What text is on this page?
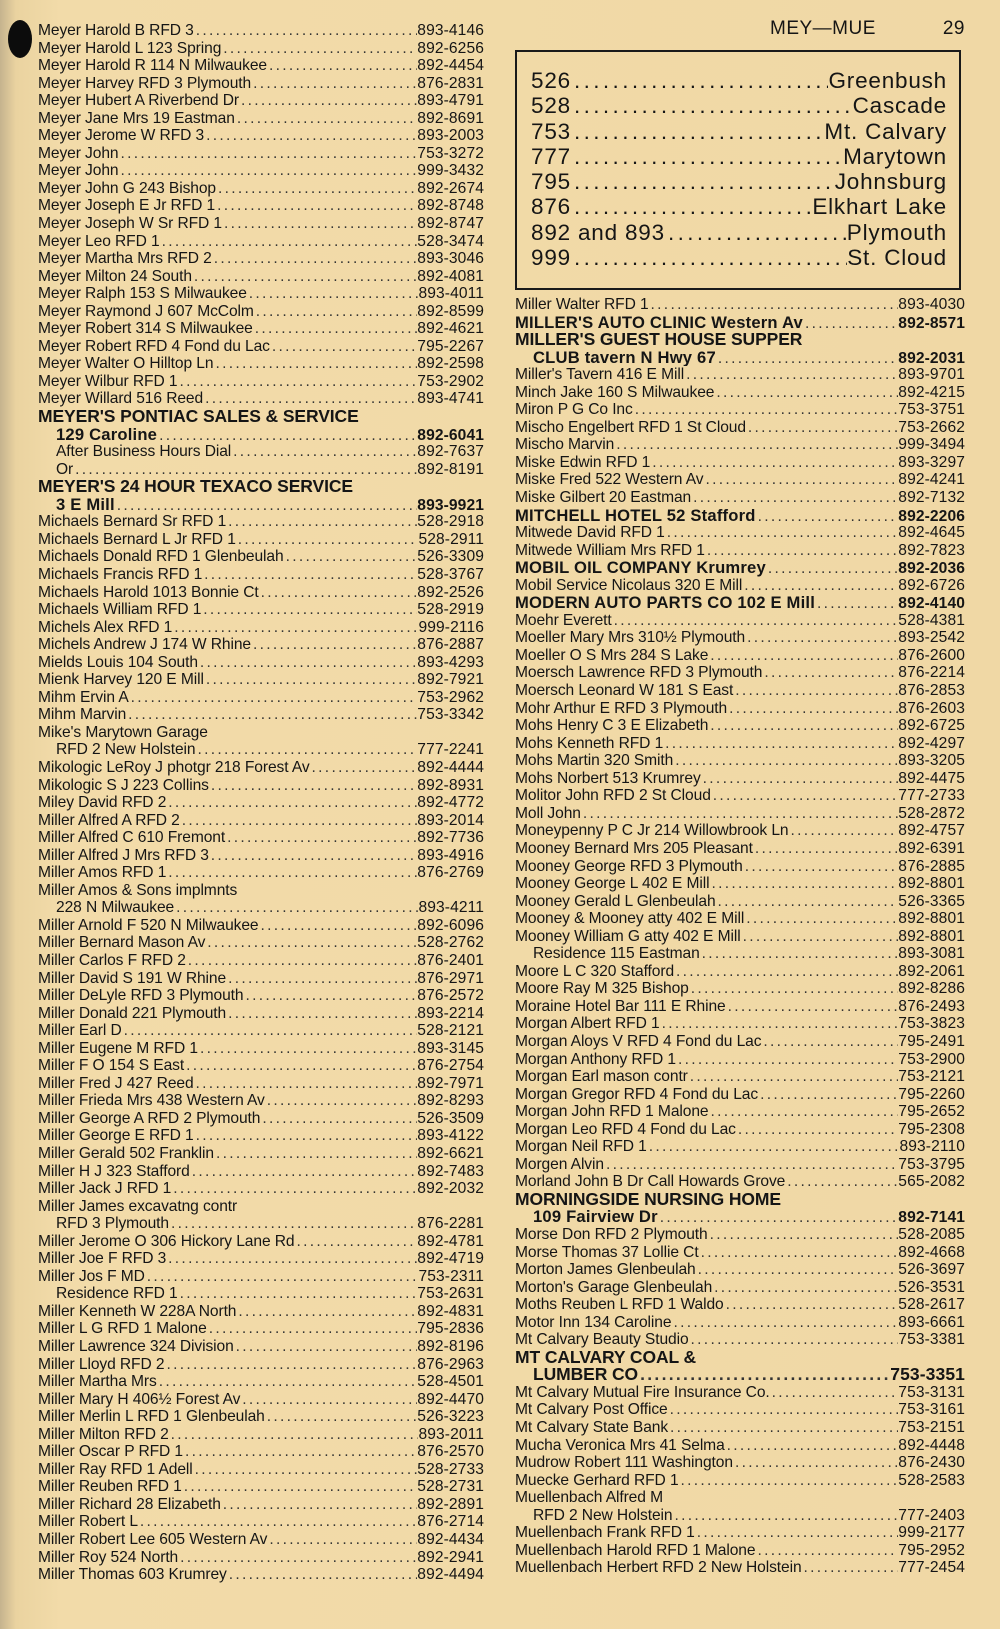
MEY—MUE	29
526 .....	Greenbush
528 .....	Cascade
753 .....	Mt. Calvary
777 .....	Marytown
795 .....	Johnsburg
876 .....	Elkhart Lake
892 and 893 .....	Plymouth
999 .....	St. Cloud
Meyer Harold B RFD 3 .....	893-4146
Meyer Harold L 123 Spring .....	892-6256
Meyer Harold R 114 N Milwaukee .....	892-4454
Meyer Harvey RFD 3 Plymouth .....	876-2831
Meyer Hubert A Riverbend Dr .....	893-4791
Meyer Jane Mrs 19 Eastman .....	892-8691
Meyer Jerome W RFD 3 .....	893-2003
Meyer John .....	753-3272
Meyer John .....	999-3432
Meyer John G 243 Bishop .....	892-2674
Meyer Joseph E Jr RFD 1 .....	892-8748
Meyer Joseph W Sr RFD 1 .....	892-8747
Meyer Leo RFD 1 .....	528-3474
Meyer Martha Mrs RFD 2 .....	893-3046
Meyer Milton 24 South .....	892-4081
Meyer Ralph 153 S Milwaukee .....	893-4011
Meyer Raymond J 607 McColm .....	892-8599
Meyer Robert 314 S Milwaukee .....	892-4621
Meyer Robert RFD 4 Fond du Lac .....	795-2267
Meyer Walter O Hilltop Ln .....	892-2598
Meyer Wilbur RFD 1 .....	753-2902
Meyer Willard 516 Reed .....	893-4741
MEYER'S PONTIAC SALES & SERVICE
129 Caroline .....	892-6041
After Business Hours Dial .....	892-7637
Or .....	892-8191
MEYER'S 24 HOUR TEXACO SERVICE
3 E Mill .....	893-9921
Michaels Bernard Sr RFD 1 .....	528-2918
Michaels Bernard L Jr RFD 1 .....	528-2911
Michaels Donald RFD 1 Glenbeulah .....	526-3309
Michaels Francis RFD 1 .....	528-3767
Michaels Harold 1013 Bonnie Ct .....	892-2526
Michaels William RFD 1 .....	528-2919
Michels Alex RFD 1 .....	999-2116
Michels Andrew J 174 W Rhine .....	876-2887
Mields Louis 104 South .....	893-4293
Mienk Harvey 120 E Mill .....	892-7921
Mihm Ervin A .....	753-2962
Mihm Marvin .....	753-3342
Mike's Marytown Garage
RFD 2 New Holstein .....	777-2241
Mikologic LeRoy J photgr 218 Forest Av .....	892-4444
Mikologic S J 223 Collins .....	892-8931
Miley David RFD 2 .....	892-4772
Miller Alfred A RFD 2 .....	893-2014
Miller Alfred C 610 Fremont .....	892-7736
Miller Alfred J Mrs RFD 3 .....	893-4916
Miller Amos RFD 1 .....	876-2769
Miller Amos & Sons implmnts
228 N Milwaukee .....	893-4211
Miller Arnold F 520 N Milwaukee .....	892-6096
Miller Bernard Mason Av .....	528-2762
Miller Carlos F RFD 2 .....	876-2401
Miller David S 191 W Rhine .....	876-2971
Miller DeLyle RFD 3 Plymouth .....	876-2572
Miller Donald 221 Plymouth .....	893-2214
Miller Earl D .....	528-2121
Miller Eugene M RFD 1 .....	893-3145
Miller F O 154 S East .....	876-2754
Miller Fred J 427 Reed .....	892-7971
Miller Frieda Mrs 438 Western Av .....	892-8293
Miller George A RFD 2 Plymouth .....	526-3509
Miller George E RFD 1 .....	893-4122
Miller Gerald 502 Franklin .....	892-6621
Miller H J 323 Stafford .....	892-7483
Miller Jack J RFD 1 .....	892-2032
Miller James excavatng contr
RFD 3 Plymouth .....	876-2281
Miller Jerome O 306 Hickory Lane Rd .....	892-4781
Miller Joe F RFD 3 .....	892-4719
Miller Jos F MD .....	753-2311
Residence RFD 1 .....	753-2631
Miller Kenneth W 228A North .....	892-4831
Miller L G RFD 1 Malone .....	795-2836
Miller Lawrence 324 Division .....	892-8196
Miller Lloyd RFD 2 .....	876-2963
Miller Martha Mrs .....	528-4501
Miller Mary H 406½ Forest Av .....	892-4470
Miller Merlin L RFD 1 Glenbeulah .....	526-3223
Miller Milton RFD 2 .....	893-2011
Miller Oscar P RFD 1 .....	876-2570
Miller Ray RFD 1 Adell .....	528-2733
Miller Reuben RFD 1 .....	528-2731
Miller Richard 28 Elizabeth .....	892-2891
Miller Robert L .....	876-2714
Miller Robert Lee 605 Western Av .....	892-4434
Miller Roy 524 North .....	892-2941
Miller Thomas 603 Krumrey .....	892-4494
Miller Walter RFD 1 .....	893-4030
MILLER'S AUTO CLINIC Western Av .....	892-8571
MILLER'S GUEST HOUSE SUPPER
CLUB tavern N Hwy 67 .....	892-2031
Miller's Tavern 416 E Mill .....	893-9701
Minch Jake 160 S Milwaukee .....	892-4215
Miron P G Co Inc .....	753-3751
Mischo Engelbert RFD 1 St Cloud .....	753-2662
Mischo Marvin .....	999-3494
Miske Edwin RFD 1 .....	893-3297
Miske Fred 522 Western Av .....	892-4241
Miske Gilbert 20 Eastman .....	892-7132
MITCHELL HOTEL 52 Stafford .....	892-2206
Mitwede David RFD 1 .....	892-4645
Mitwede William Mrs RFD 1 .....	892-7823
MOBIL OIL COMPANY Krumrey .....	892-2036
Mobil Service Nicolaus 320 E Mill .....	892-6726
MODERN AUTO PARTS CO 102 E Mill .....	892-4140
Moehr Everett .....	528-4381
Moeller Mary Mrs 310½ Plymouth .....	893-2542
Moeller O S Mrs 284 S Lake .....	876-2600
Moersch Lawrence RFD 3 Plymouth .....	876-2214
Moersch Leonard W 181 S East .....	876-2853
Mohr Arthur E RFD 3 Plymouth .....	876-2603
Mohs Henry C 3 E Elizabeth .....	892-6725
Mohs Kenneth RFD 1 .....	892-4297
Mohs Martin 320 Smith .....	893-3205
Mohs Norbert 513 Krumrey .....	892-4475
Molitor John RFD 2 St Cloud .....	777-2733
Moll John .....	528-2872
Moneypenny P C Jr 214 Willowbrook Ln .....	892-4757
Mooney Bernard Mrs 205 Pleasant .....	892-6391
Mooney George RFD 3 Plymouth .....	876-2885
Mooney George L 402 E Mill .....	892-8801
Mooney Gerald L Glenbeulah .....	526-3365
Mooney & Mooney atty 402 E Mill .....	892-8801
Mooney William G atty 402 E Mill .....	892-8801
Residence 115 Eastman .....	893-3081
Moore L C 320 Stafford .....	892-2061
Moore Ray M 325 Bishop .....	892-8286
Moraine Hotel Bar 111 E Rhine .....	876-2493
Morgan Albert RFD 1 .....	753-3823
Morgan Aloys V RFD 4 Fond du Lac .....	795-2491
Morgan Anthony RFD 1 .....	753-2900
Morgan Earl mason contr .....	753-2121
Morgan Gregor RFD 4 Fond du Lac .....	795-2260
Morgan John RFD 1 Malone .....	795-2652
Morgan Leo RFD 4 Fond du Lac .....	795-2308
Morgan Neil RFD 1 .....	893-2110
Morgen Alvin .....	753-3795
Morland John B Dr Call Howards Grove .....	565-2082
MORNINGSIDE NURSING HOME
109 Fairview Dr .....	892-7141
Morse Don RFD 2 Plymouth .....	528-2085
Morse Thomas 37 Lollie Ct .....	892-4668
Morton James Glenbeulah .....	526-3697
Morton's Garage Glenbeulah .....	526-3531
Moths Reuben L RFD 1 Waldo .....	528-2617
Motor Inn 134 Caroline .....	893-6661
Mt Calvary Beauty Studio .....	753-3381
MT CALVARY COAL &
LUMBER CO .....	753-3351
Mt Calvary Mutual Fire Insurance Co. .....	753-3131
Mt Calvary Post Office .....	753-3161
Mt Calvary State Bank .....	753-2151
Mucha Veronica Mrs 41 Selma .....	892-4448
Mudrow Robert 111 Washington .....	876-2430
Muecke Gerhard RFD 1 .....	528-2583
Muellenbach Alfred M
RFD 2 New Holstein .....	777-2403
Muellenbach Frank RFD 1 .....	999-2177
Muellenbach Harold RFD 1 Malone .....	795-2952
Muellenbach Herbert RFD 2 New Holstein .....	777-2454
